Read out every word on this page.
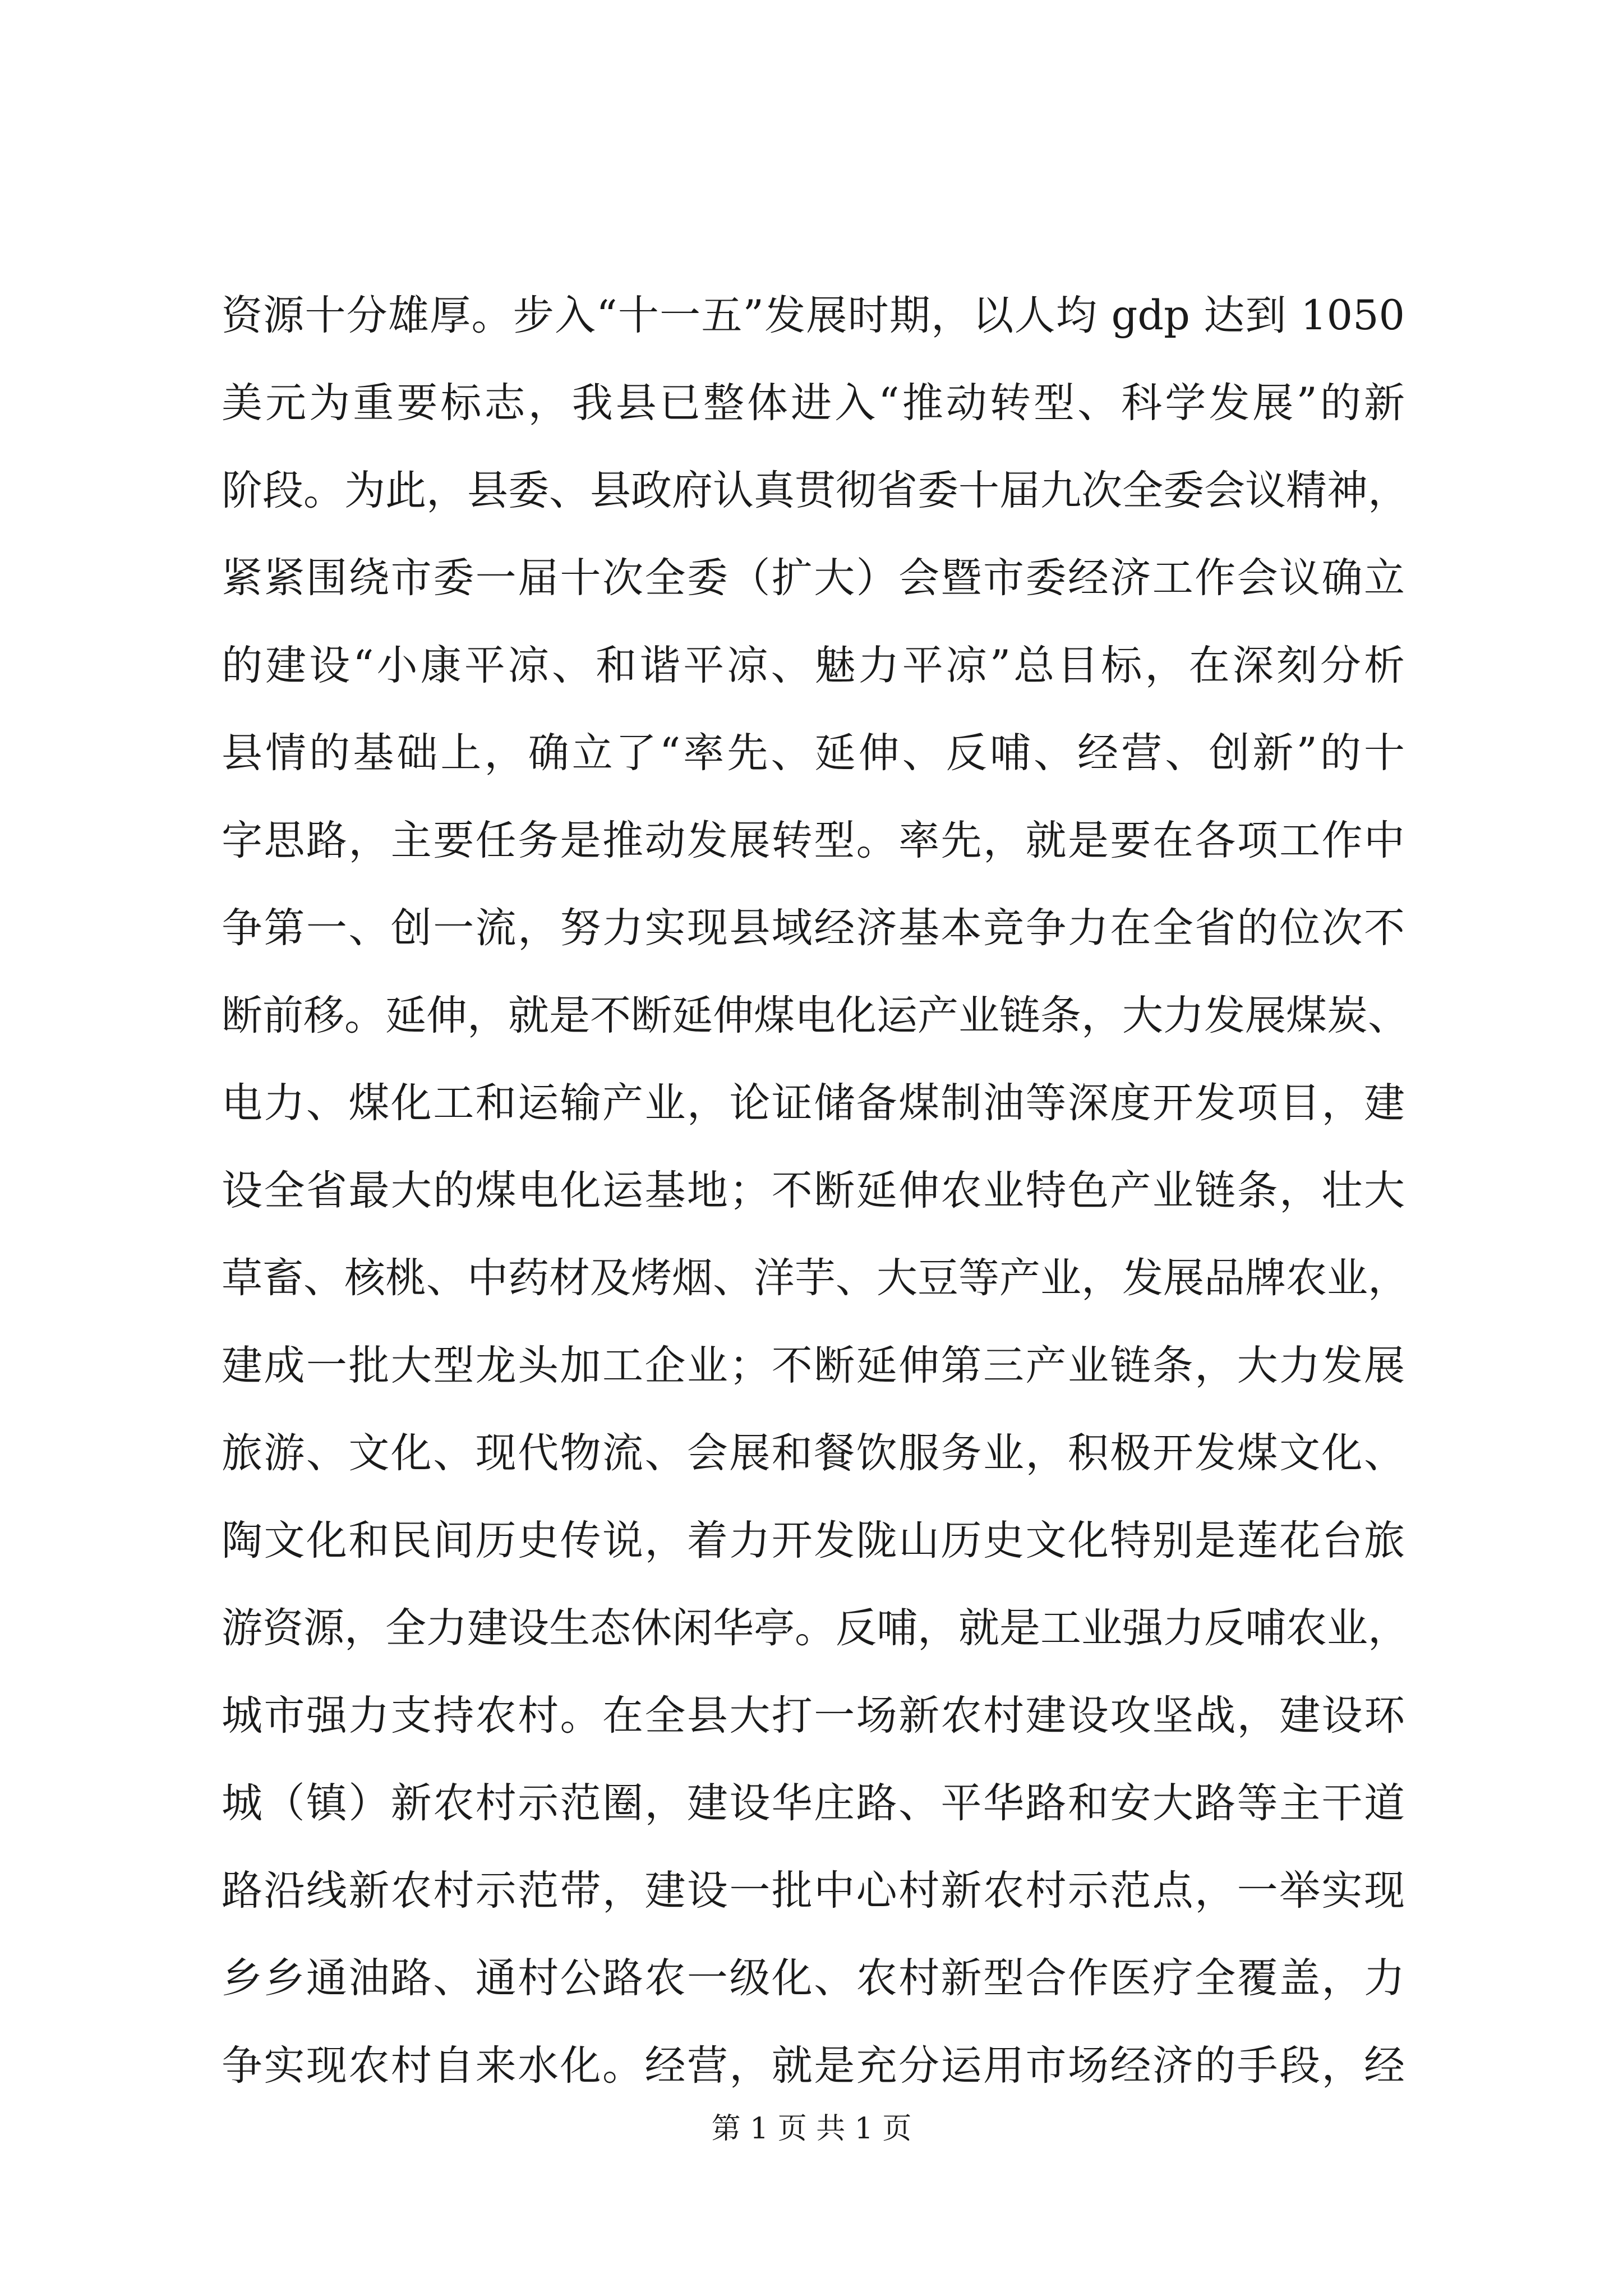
资源十分雄厚。步入“十一五”发展时期，以人均 gdp 达到 1050
美元为重要标志，我县已整体进入“推动转型、科学发展”的新
阶段。为此，县委、县政府认真贯彻省委十届九次全委会议精神，
紧紧围绕市委一届十次全委（扩大）会暨市委经济工作会议确立
的建设“小康平凉、和谐平凉、魅力平凉”总目标，在深刻分析
县情的基础上，确立了“率先、延伸、反哺、经营、创新”的十
字思路，主要任务是推动发展转型。率先，就是要在各项工作中
争第一、创一流，努力实现县域经济基本竞争力在全省的位次不
断前移。延伸，就是不断延伸煤电化运产业链条，大力发展煤炭、
电力、煤化工和运输产业，论证储备煤制油等深度开发项目，建
设全省最大的煤电化运基地；不断延伸农业特色产业链条，壮大
草畜、核桃、中药材及烤烟、洋芋、大豆等产业，发展品牌农业，
建成一批大型龙头加工企业；不断延伸第三产业链条，大力发展
旅游、文化、现代物流、会展和餐饮服务业，积极开发煤文化、
陶文化和民间历史传说，着力开发陇山历史文化特别是莲花台旅
游资源，全力建设生态休闲华亭。反哺，就是工业强力反哺农业，
城市强力支持农村。在全县大打一场新农村建设攻坚战，建设环
城（镇）新农村示范圈，建设华庄路、平华路和安大路等主干道
路沿线新农村示范带，建设一批中心村新农村示范点，一举实现
乡乡通油路、通村公路农一级化、农村新型合作医疗全覆盖，力
争实现农村自来水化。经营，就是充分运用市场经济的手段，经
第 1 页 共 1 页
